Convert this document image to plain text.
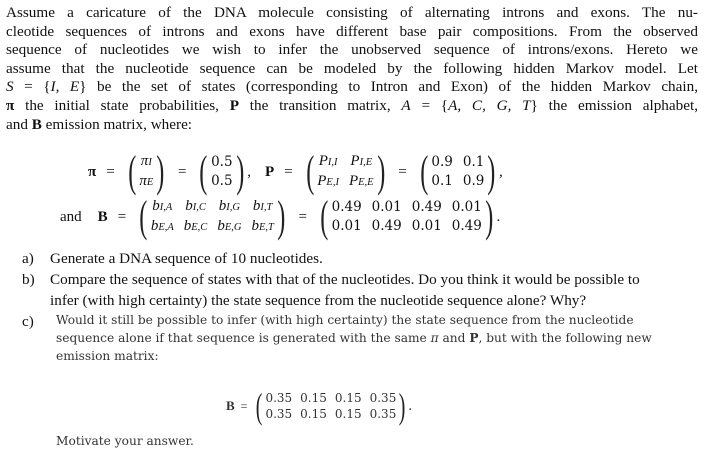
Assume a caricature of the DNA molecule consisting of alternating introns and exons. The nu-
cleotide sequences of introns and exons have different base pair compositions. From the observed
sequence of nucleotides we wish to infer the unobserved sequence of introns/exons. Hereto we
assume that the nucleotide sequence can be modeled by the following hidden Markov model. Let
S = {I, E} be the set of states (corresponding to Intron and Exon) of the hidden Markov chain,
π the initial state probabilities, P the transition matrix, A = {A, C, G, T} the emission alphabet,
and B emission matrix, where:
π = ( πI
πE ) = ( 0.5
0.5 ) , P = ( PI,I PI,E
PE,I PE,E ) = ( 0.9 0.1
0.1 0.9 ) ,
and B = ( bI,A bI,C bI,G bI,T
bE,A bE,C bE,G bE,T ) = ( 0.49 0.01 0.49 0.01
0.01 0.49 0.01 0.49 ) .
a) Generate a DNA sequence of 10 nucleotides.
b) Compare the sequence of states with that of the nucleotides. Do you think it would be possible to
infer (with high certainty) the state sequence from the nucleotide sequence alone? Why?
c) Would it still be possible to infer (with high certainty) the state sequence from the nucleotide
sequence alone if that sequence is generated with the same π and P, but with the following new
emission matrix:
B = ( 0.35 0.15 0.15 0.35
0.35 0.15 0.15 0.35 ) .
Motivate your answer.
